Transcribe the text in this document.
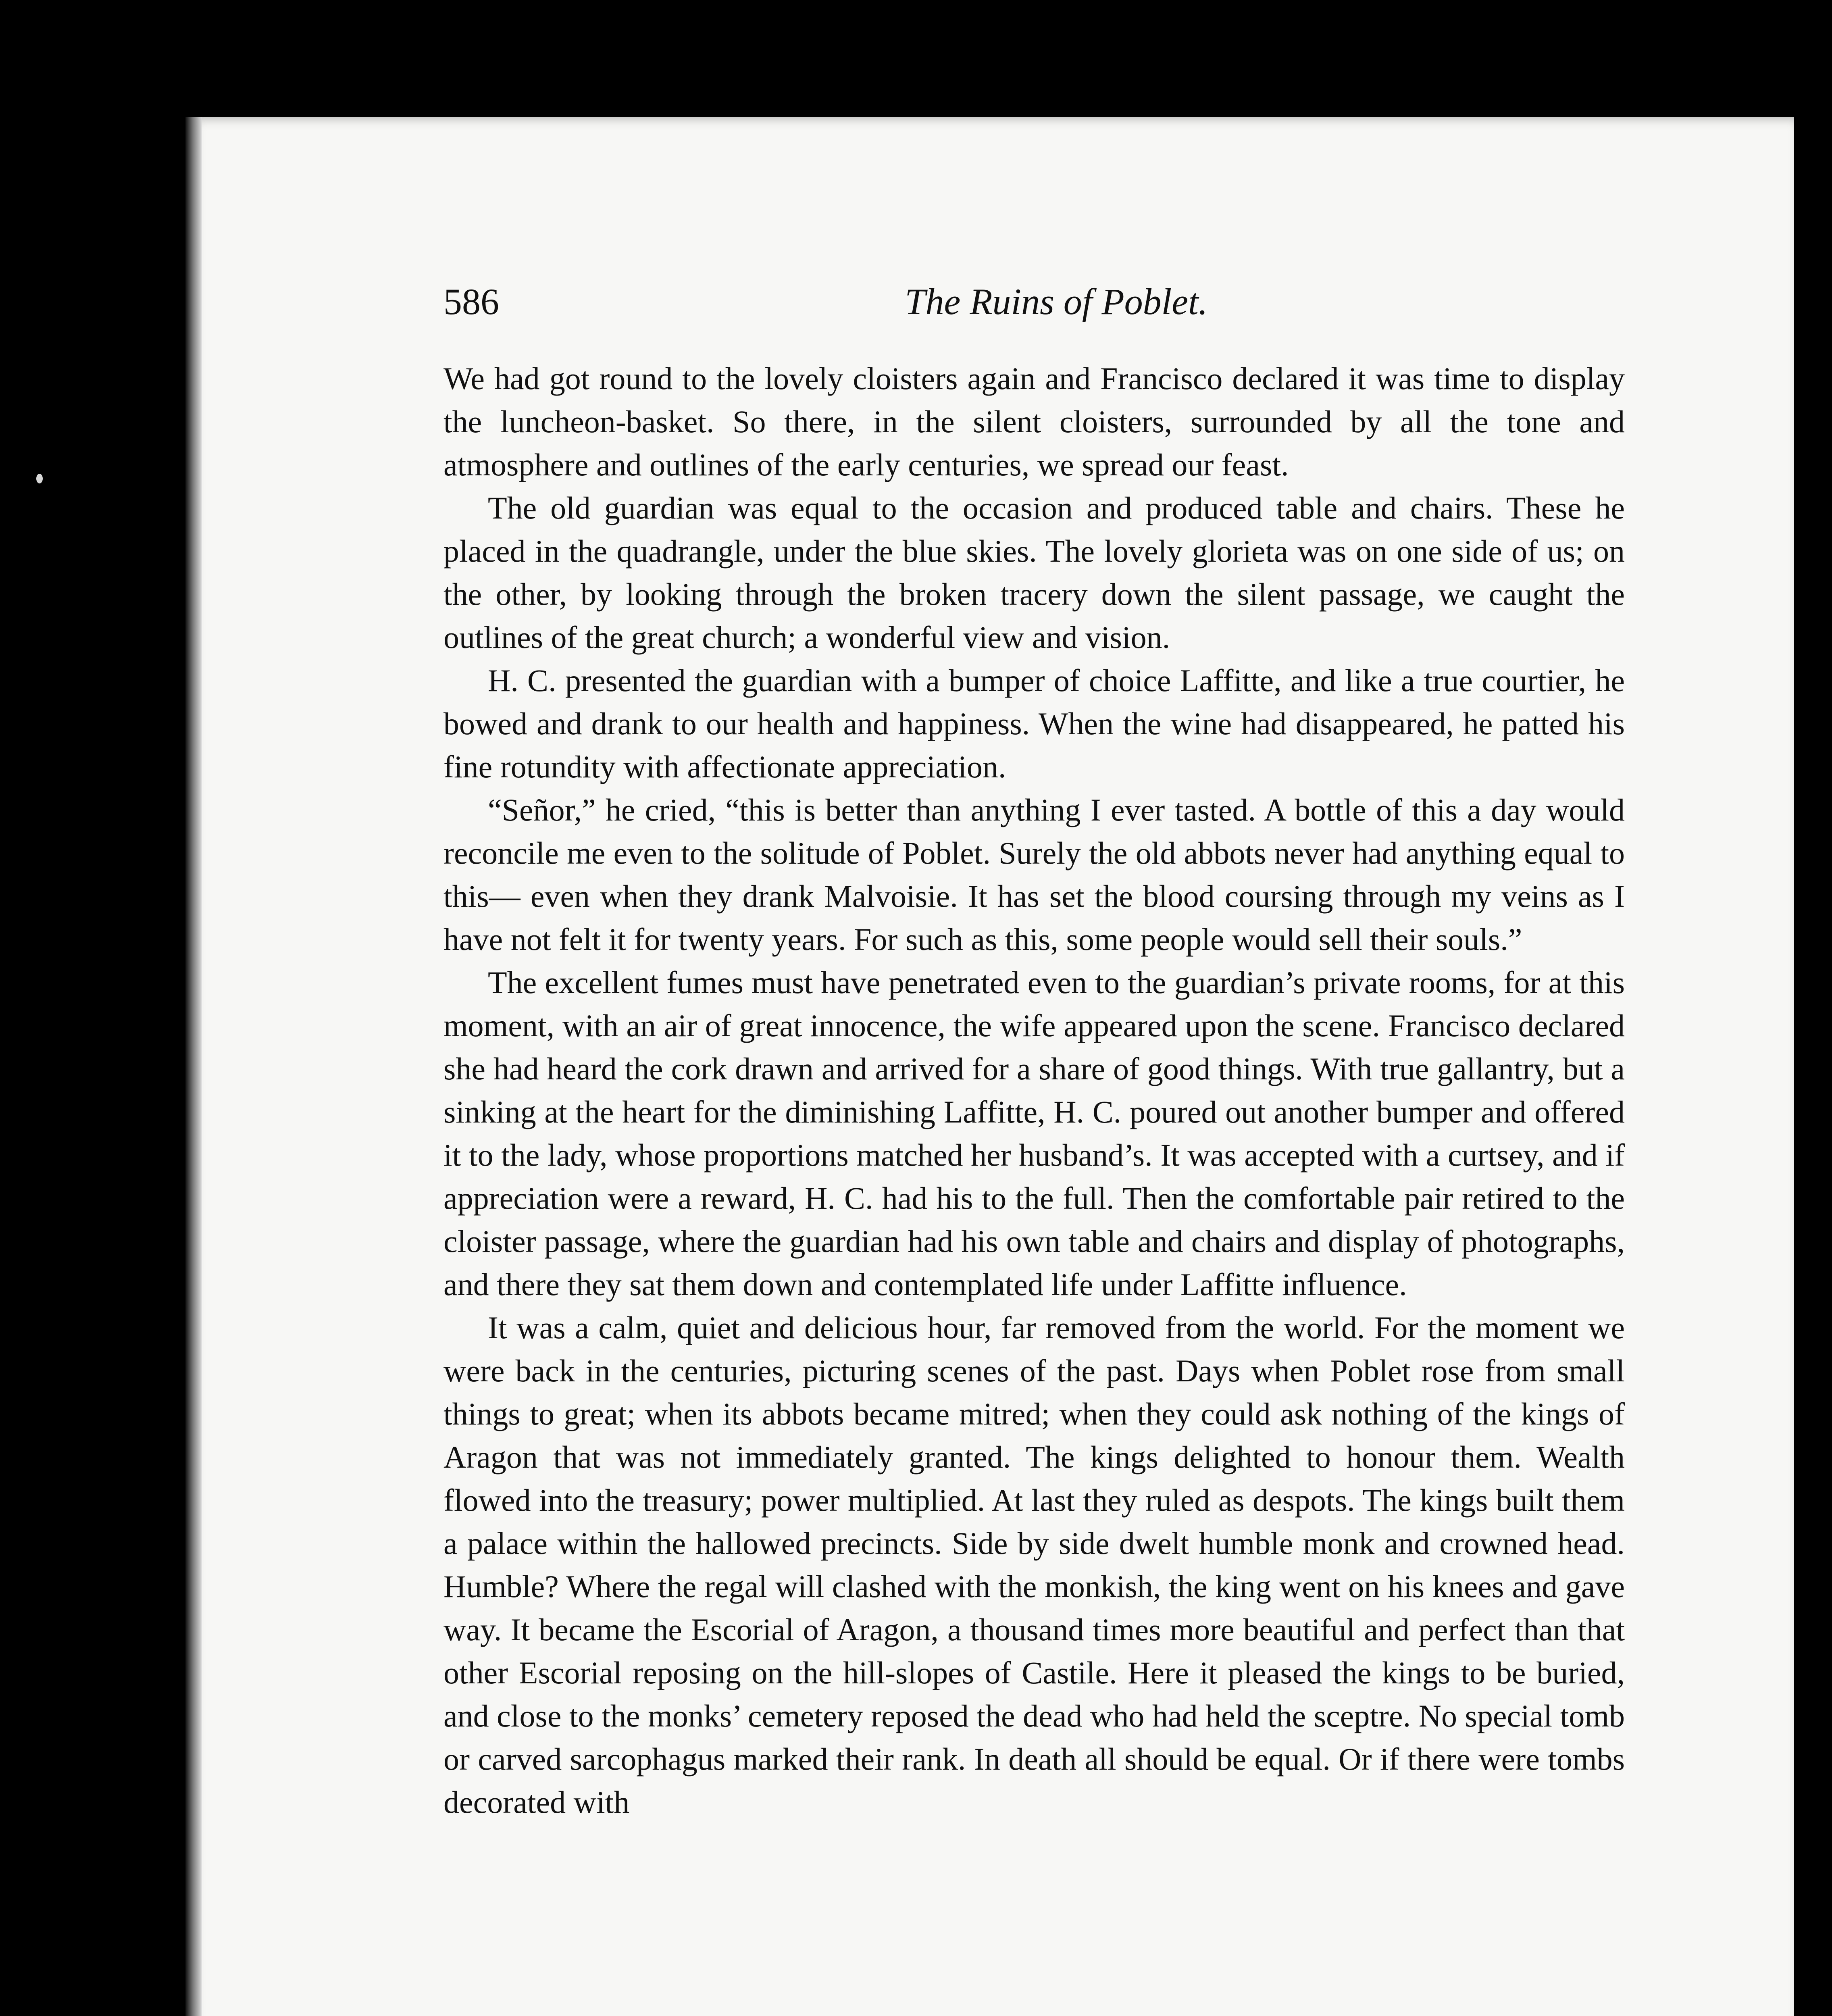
586	The Ruins of Poblet.

We had got round to the lovely cloisters again and Francisco declared it was time to display the luncheon-basket. So there, in the silent cloisters, surrounded by all the tone and atmosphere and outlines of the early centuries, we spread our feast.

The old guardian was equal to the occasion and produced table and chairs. These he placed in the quadrangle, under the blue skies. The lovely glorieta was on one side of us; on the other, by looking through the broken tracery down the silent passage, we caught the outlines of the great church; a wonderful view and vision.

H. C. presented the guardian with a bumper of choice Laffitte, and like a true courtier, he bowed and drank to our health and happiness. When the wine had disappeared, he patted his fine rotundity with affectionate appreciation.

“Señor,” he cried, “this is better than anything I ever tasted. A bottle of this a day would reconcile me even to the solitude of Poblet. Surely the old abbots never had anything equal to this— even when they drank Malvoisie. It has set the blood coursing through my veins as I have not felt it for twenty years. For such as this, some people would sell their souls.”

The excellent fumes must have penetrated even to the guardian’s private rooms, for at this moment, with an air of great innocence, the wife appeared upon the scene. Francisco declared she had heard the cork drawn and arrived for a share of good things. With true gallantry, but a sinking at the heart for the diminishing Laffitte, H. C. poured out another bumper and offered it to the lady, whose proportions matched her husband’s. It was accepted with a curtsey, and if appreciation were a reward, H. C. had his to the full. Then the comfortable pair retired to the cloister passage, where the guardian had his own table and chairs and display of photographs, and there they sat them down and contemplated life under Laffitte influence.

It was a calm, quiet and delicious hour, far removed from the world. For the moment we were back in the centuries, picturing scenes of the past. Days when Poblet rose from small things to great; when its abbots became mitred; when they could ask nothing of the kings of Aragon that was not immediately granted. The kings delighted to honour them. Wealth flowed into the treasury; power multiplied. At last they ruled as despots. The kings built them a palace within the hallowed precincts. Side by side dwelt humble monk and crowned head. Humble? Where the regal will clashed with the monkish, the king went on his knees and gave way. It became the Escorial of Aragon, a thousand times more beautiful and perfect than that other Escorial reposing on the hill-slopes of Castile. Here it pleased the kings to be buried, and close to the monks’ cemetery reposed the dead who had held the sceptre. No special tomb or carved sarcophagus marked their rank. In death all should be equal. Or if there were tombs decorated with
